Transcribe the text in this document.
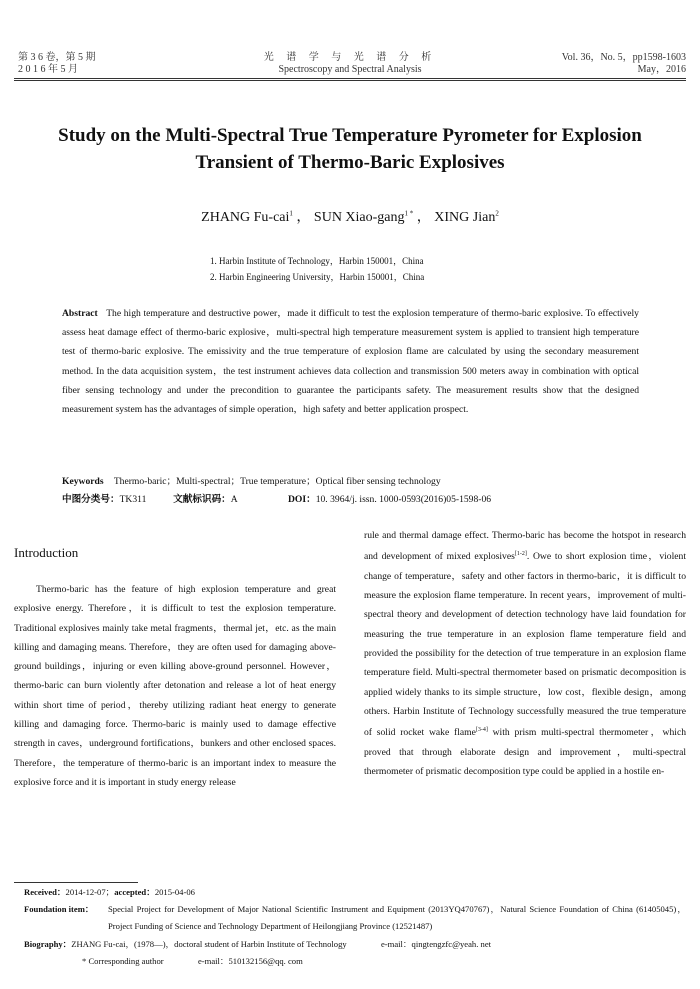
第 3 6 卷，第 5 期
2 0 1 6 年 5 月
光 谱 学 与 光 谱 分 析
Spectroscopy and Spectral Analysis
Vol. 36，No. 5，pp1598-1603
May，2016
Study on the Multi-Spectral True Temperature Pyrometer for Explosion
Transient of Thermo-Baric Explosives
ZHANG Fu-cai$^1$ ， SUN Xiao-gang$^{1 *}$ ， XING Jian$^2$
1. Harbin Institute of Technology，Harbin 150001，China
2. Harbin Engineering University，Harbin 150001，China
Abstract The high temperature and destructive power，made it difficult to test the explosion temperature of thermo-baric explosive. To effectively assess heat damage effect of thermo-baric explosive，multi-spectral high temperature measurement system is applied to transient high temperature test of thermo-baric explosive. The emissivity and the true temperature of explosion flame are calculated by using the secondary measurement method. In the data acquisition system，the test instrument achieves data collection and transmission 500 meters away in combination with optical fiber sensing technology and under the precondition to guarantee the participants safety. The measurement results show that the designed measurement system has the advantages of simple operation，high safety and better application prospect.
Keywords Thermo-baric；Multi-spectral；True temperature；Optical fiber sensing technology
中图分类号：TK311	文献标识码：A	DOI：10. 3964/j. issn. 1000-0593(2016)05-1598-06
Introduction
Thermo-baric has the feature of high explosion temperature and great explosive energy. Therefore，it is difficult to test the explosion temperature. Traditional explosives mainly take metal fragments，thermal jet，etc. as the main killing and damaging means. Therefore，they are often used for damaging above-ground buildings，injuring or even killing above-ground personnel. However，thermo-baric can burn violently after detonation and release a lot of heat energy within short time of period，thereby utilizing radiant heat energy to generate killing and damaging force. Thermo-baric is mainly used to damage effective strength in caves，underground fortifications，bunkers and other enclosed spaces. Therefore，the temperature of thermo-baric is an important index to measure the explosive force and it is important in study energy release
rule and thermal damage effect. Thermo-baric has become the hotspot in research and development of mixed explosives[1-2]. Owe to short explosion time，violent change of temperature，safety and other factors in thermo-baric，it is difficult to measure the explosion flame temperature. In recent years，improvement of multi-spectral theory and development of detection technology have laid foundation for measuring the true temperature in an explosion flame temperature field and provided the possibility for the detection of true temperature in an explosion flame temperature field. Multi-spectral thermometer based on prismatic decomposition is applied widely thanks to its simple structure，low cost，flexible design，among others. Harbin Institute of Technology successfully measured the true temperature of solid rocket wake flame[3-4] with prism multi-spectral thermometer，which proved that through elaborate design and improvement，multi-spectral thermometer of prismatic decomposition type could be applied in a hostile en-
Received：2014-12-07；accepted：2015-04-06
Foundation item： Special Project for Development of Major National Scientific Instrument and Equipment (2013YQ470767)，Natural Science Foundation of China (61405045)，Project Funding of Science and Technology Department of Heilongjiang Province (12521487)
Biography：ZHANG Fu-cai，(1978—)，doctoral student of Harbin Institute of Technology	e-mail：qingtengzfc@yeah. net
* Corresponding author	e-mail：510132156@qq. com
